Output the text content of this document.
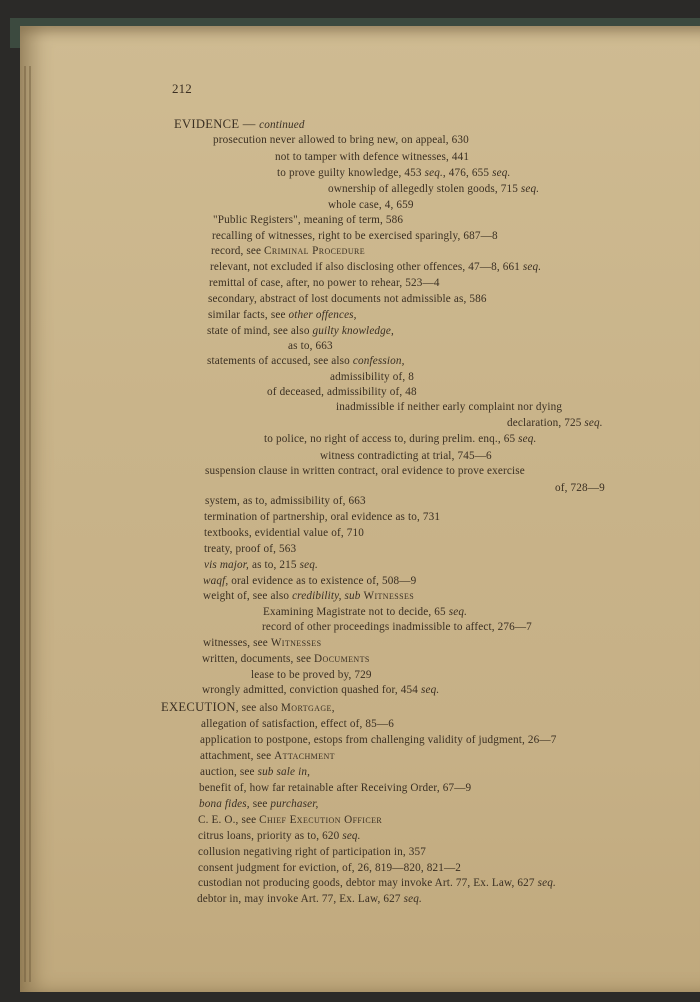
212
EVIDENCE — continued
prosecution never allowed to bring new, on appeal, 630
not to tamper with defence witnesses, 441
to prove guilty knowledge, 453 seq., 476, 655 seq.
ownership of allegedly stolen goods, 715 seq.
whole case, 4, 659
"Public Registers", meaning of term, 586
recalling of witnesses, right to be exercised sparingly, 687—8
record, see Criminal Procedure
relevant, not excluded if also disclosing other offences, 47—8, 661 seq.
remittal of case, after, no power to rehear, 523—4
secondary, abstract of lost documents not admissible as, 586
similar facts, see other offences,
state of mind, see also guilty knowledge,
as to, 663
statements of accused, see also confession,
admissibility of, 8
of deceased, admissibility of, 48
inadmissible if neither early complaint nor dying
declaration, 725 seq.
to police, no right of access to, during prelim. enq., 65 seq.
witness contradicting at trial, 745—6
suspension clause in written contract, oral evidence to prove exercise
of, 728—9
system, as to, admissibility of, 663
termination of partnership, oral evidence as to, 731
textbooks, evidential value of, 710
treaty, proof of, 563
vis major, as to, 215 seq.
waqf, oral evidence as to existence of, 508—9
weight of, see also credibility, sub Witnesses
Examining Magistrate not to decide, 65 seq.
record of other proceedings inadmissible to affect, 276—7
witnesses, see Witnesses
written, documents, see Documents
lease to be proved by, 729
wrongly admitted, conviction quashed for, 454 seq.
EXECUTION, see also Mortgage,
allegation of satisfaction, effect of, 85—6
application to postpone, estops from challenging validity of judgment, 26—7
attachment, see Attachment
auction, see sub sale in,
benefit of, how far retainable after Receiving Order, 67—9
bona fides, see purchaser,
C. E. O., see Chief Execution Officer
citrus loans, priority as to, 620 seq.
collusion negativing right of participation in, 357
consent judgment for eviction, of, 26, 819—820, 821—2
custodian not producing goods, debtor may invoke Art. 77, Ex. Law, 627 seq.
debtor in, may invoke Art. 77, Ex. Law, 627 seq.
